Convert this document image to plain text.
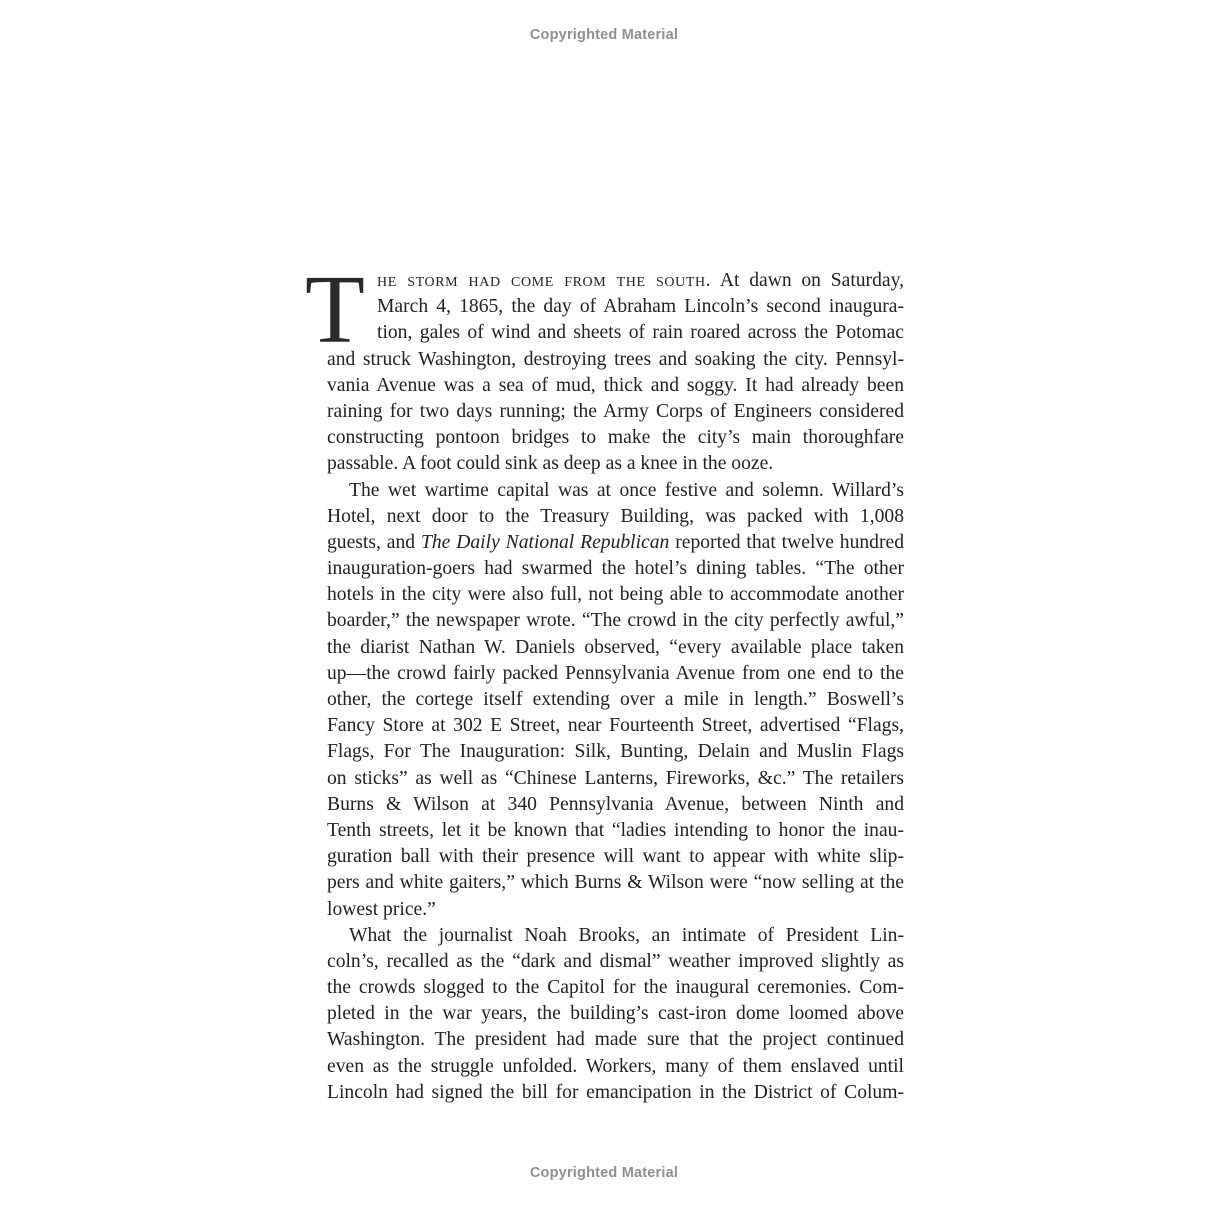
Copyrighted Material
T he storm had come from the south. At dawn on Saturday,
March 4, 1865, the day of Abraham Lincoln’s second inaugura-
tion, gales of wind and sheets of rain roared across the Potomac
and struck Washington, destroying trees and soaking the city. Pennsyl-
vania Avenue was a sea of mud, thick and soggy. It had already been
raining for two days running; the Army Corps of Engineers considered
constructing pontoon bridges to make the city’s main thoroughfare
passable. A foot could sink as deep as a knee in the ooze.
The wet wartime capital was at once festive and solemn. Willard’s
Hotel, next door to the Treasury Building, was packed with 1,008
guests, and The Daily National Republican reported that twelve hundred
inauguration-goers had swarmed the hotel’s dining tables. “The other
hotels in the city were also full, not being able to accommodate another
boarder,” the newspaper wrote. “The crowd in the city perfectly awful,”
the diarist Nathan W. Daniels observed, “every available place taken
up—the crowd fairly packed Pennsylvania Avenue from one end to the
other, the cortege itself extending over a mile in length.” Boswell’s
Fancy Store at 302 E Street, near Fourteenth Street, advertised “Flags,
Flags, For The Inauguration: Silk, Bunting, Delain and Muslin Flags
on sticks” as well as “Chinese Lanterns, Fireworks, &c.” The retailers
Burns & Wilson at 340 Pennsylvania Avenue, between Ninth and
Tenth streets, let it be known that “ladies intending to honor the inau-
guration ball with their presence will want to appear with white slip-
pers and white gaiters,” which Burns & Wilson were “now selling at the
lowest price.”
What the journalist Noah Brooks, an intimate of President Lin-
coln’s, recalled as the “dark and dismal” weather improved slightly as
the crowds slogged to the Capitol for the inaugural ceremonies. Com-
pleted in the war years, the building’s cast-iron dome loomed above
Washington. The president had made sure that the project continued
even as the struggle unfolded. Workers, many of them enslaved until
Lincoln had signed the bill for emancipation in the District of Colum-
Copyrighted Material
